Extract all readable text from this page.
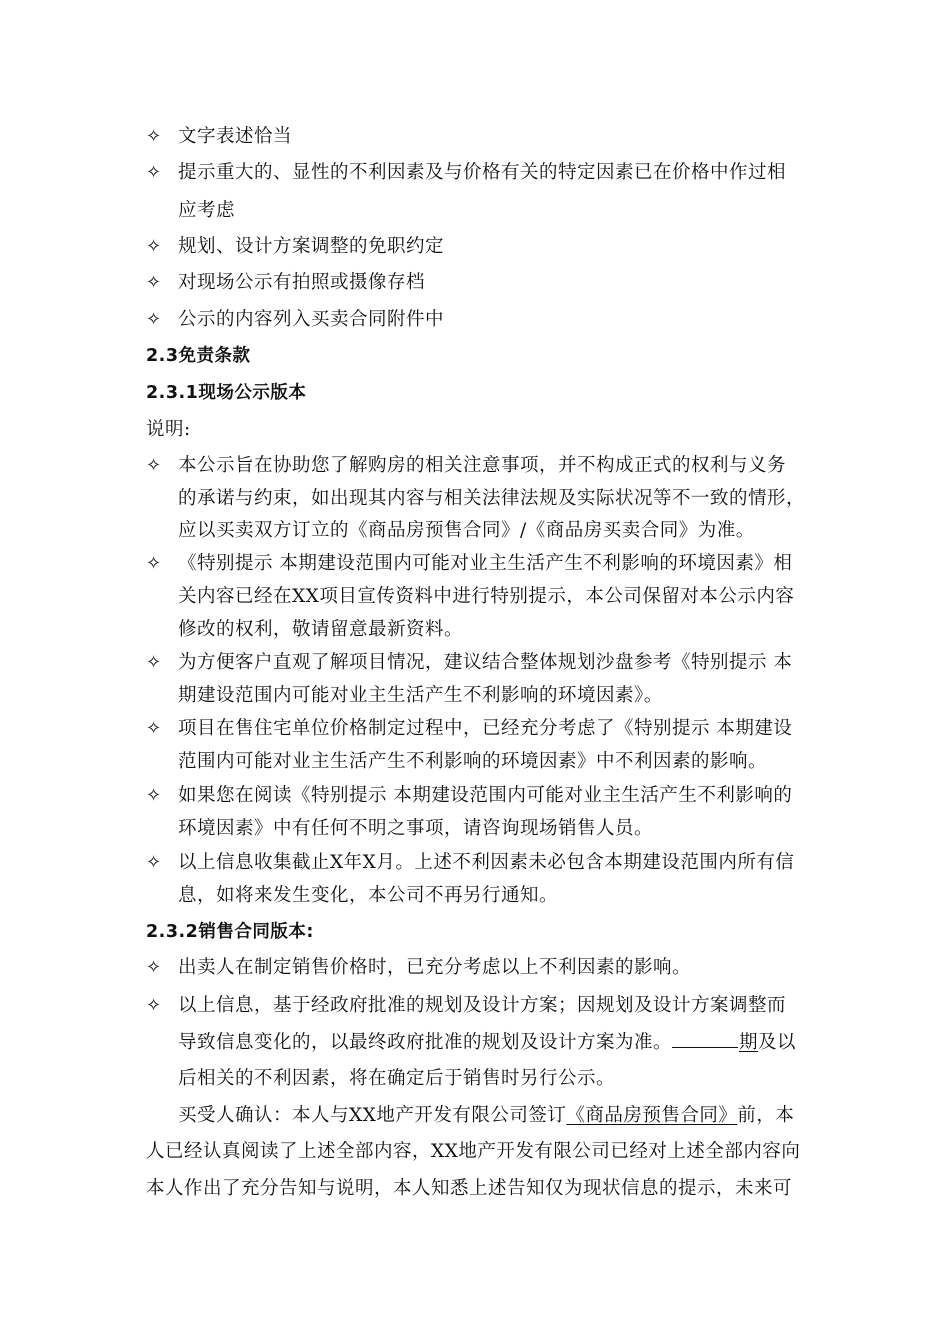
✧ 文字表述恰当
✧ 提示重大的、显性的不利因素及与价格有关的特定因素已在价格中作过相
应考虑
✧ 规划、设计方案调整的免职约定
✧ 对现场公示有拍照或摄像存档
✧ 公示的内容列入买卖合同附件中
2.3免责条款
2.3.1现场公示版本
说明:
✧ 本公示旨在协助您了解购房的相关注意事项，并不构成正式的权利与义务
的承诺与约束，如出现其内容与相关法律法规及实际状况等不一致的情形，
应以买卖双方订立的《商品房预售合同》/《商品房买卖合同》为准。
✧ 《特别提示 本期建设范围内可能对业主生活产生不利影响的环境因素》相
关内容已经在XX项目宣传资料中进行特别提示，本公司保留对本公示内容
修改的权利，敬请留意最新资料。
✧ 为方便客户直观了解项目情况，建议结合整体规划沙盘参考《特别提示 本
期建设范围内可能对业主生活产生不利影响的环境因素》。
✧ 项目在售住宅单位价格制定过程中，已经充分考虑了《特别提示 本期建设
范围内可能对业主生活产生不利影响的环境因素》中不利因素的影响。
✧ 如果您在阅读《特别提示 本期建设范围内可能对业主生活产生不利影响的
环境因素》中有任何不明之事项，请咨询现场销售人员。
✧ 以上信息收集截止X年X月。上述不利因素未必包含本期建设范围内所有信
息，如将来发生变化，本公司不再另行通知。
2.3.2销售合同版本:
✧ 出卖人在制定销售价格时，已充分考虑以上不利因素的影响。
✧ 以上信息，基于经政府批准的规划及设计方案；因规划及设计方案调整而
导致信息变化的，以最终政府批准的规划及设计方案为准。	期及以
后相关的不利因素，将在确定后于销售时另行公示。
买受人确认：本人与XX地产开发有限公司签订《商品房预售合同》前，本
人已经认真阅读了上述全部内容，XX地产开发有限公司已经对上述全部内容向
本人作出了充分告知与说明，本人知悉上述告知仅为现状信息的提示，未来可
